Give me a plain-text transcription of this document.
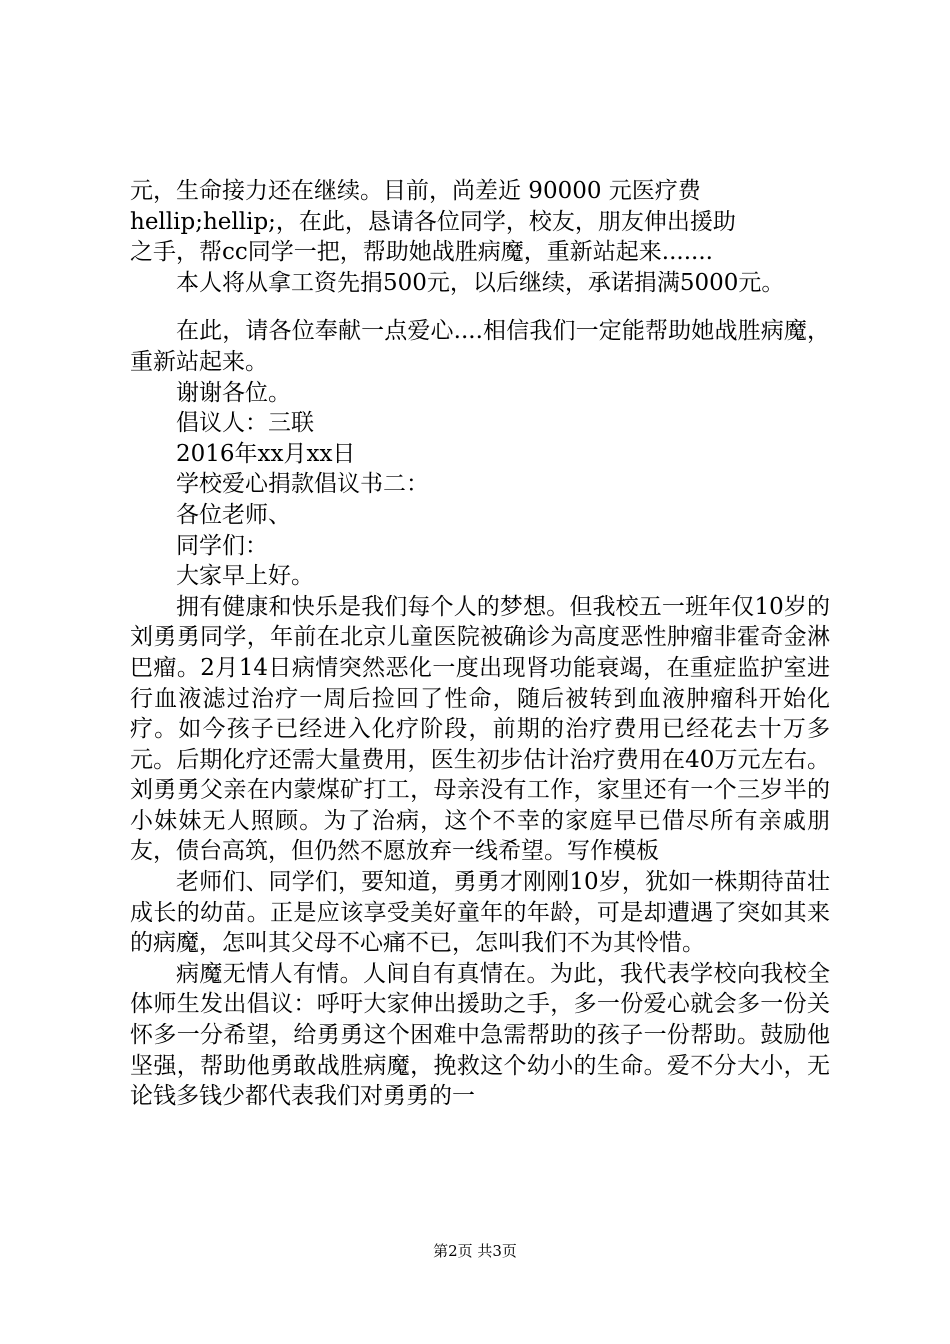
元，生命接力还在继续。目前，尚差近 90000 元医疗费
hellip;hellip;，在此，恳请各位同学，校友，朋友伸出援助
之手，帮cc同学一把，帮助她战胜病魔，重新站起来.......

本人将从拿工资先捐500元，以后继续，承诺捐满5000元。

在此，请各位奉献一点爱心....相信我们一定能帮助她战胜病魔，重新站起来。

谢谢各位。

倡议人：三联

2016年xx月xx日

学校爱心捐款倡议书二：

各位老师、

同学们：

大家早上好。

拥有健康和快乐是我们每个人的梦想。但我校五一班年仅10岁的刘勇勇同学，年前在北京儿童医院被确诊为高度恶性肿瘤非霍奇金淋巴瘤。2月14日病情突然恶化一度出现肾功能衰竭，在重症监护室进行血液滤过治疗一周后捡回了性命，随后被转到血液肿瘤科开始化疗。如今孩子已经进入化疗阶段，前期的治疗费用已经花去十万多元。后期化疗还需大量费用，医生初步估计治疗费用在40万元左右。刘勇勇父亲在内蒙煤矿打工，母亲没有工作，家里还有一个三岁半的小妹妹无人照顾。为了治病，这个不幸的家庭早已借尽所有亲戚朋友，债台高筑，但仍然不愿放弃一线希望。写作模板

老师们、同学们，要知道，勇勇才刚刚10岁，犹如一株期待苗壮成长的幼苗。正是应该享受美好童年的年龄，可是却遭遇了突如其来的病魔，怎叫其父母不心痛不已，怎叫我们不为其怜惜。

病魔无情人有情。人间自有真情在。为此，我代表学校向我校全体师生发出倡议：呼吁大家伸出援助之手，多一份爱心就会多一份关怀多一分希望，给勇勇这个困难中急需帮助的孩子一份帮助。鼓励他坚强，帮助他勇敢战胜病魔，挽救这个幼小的生命。爱不分大小，无论钱多钱少都代表我们对勇勇的一

第2页 共3页
